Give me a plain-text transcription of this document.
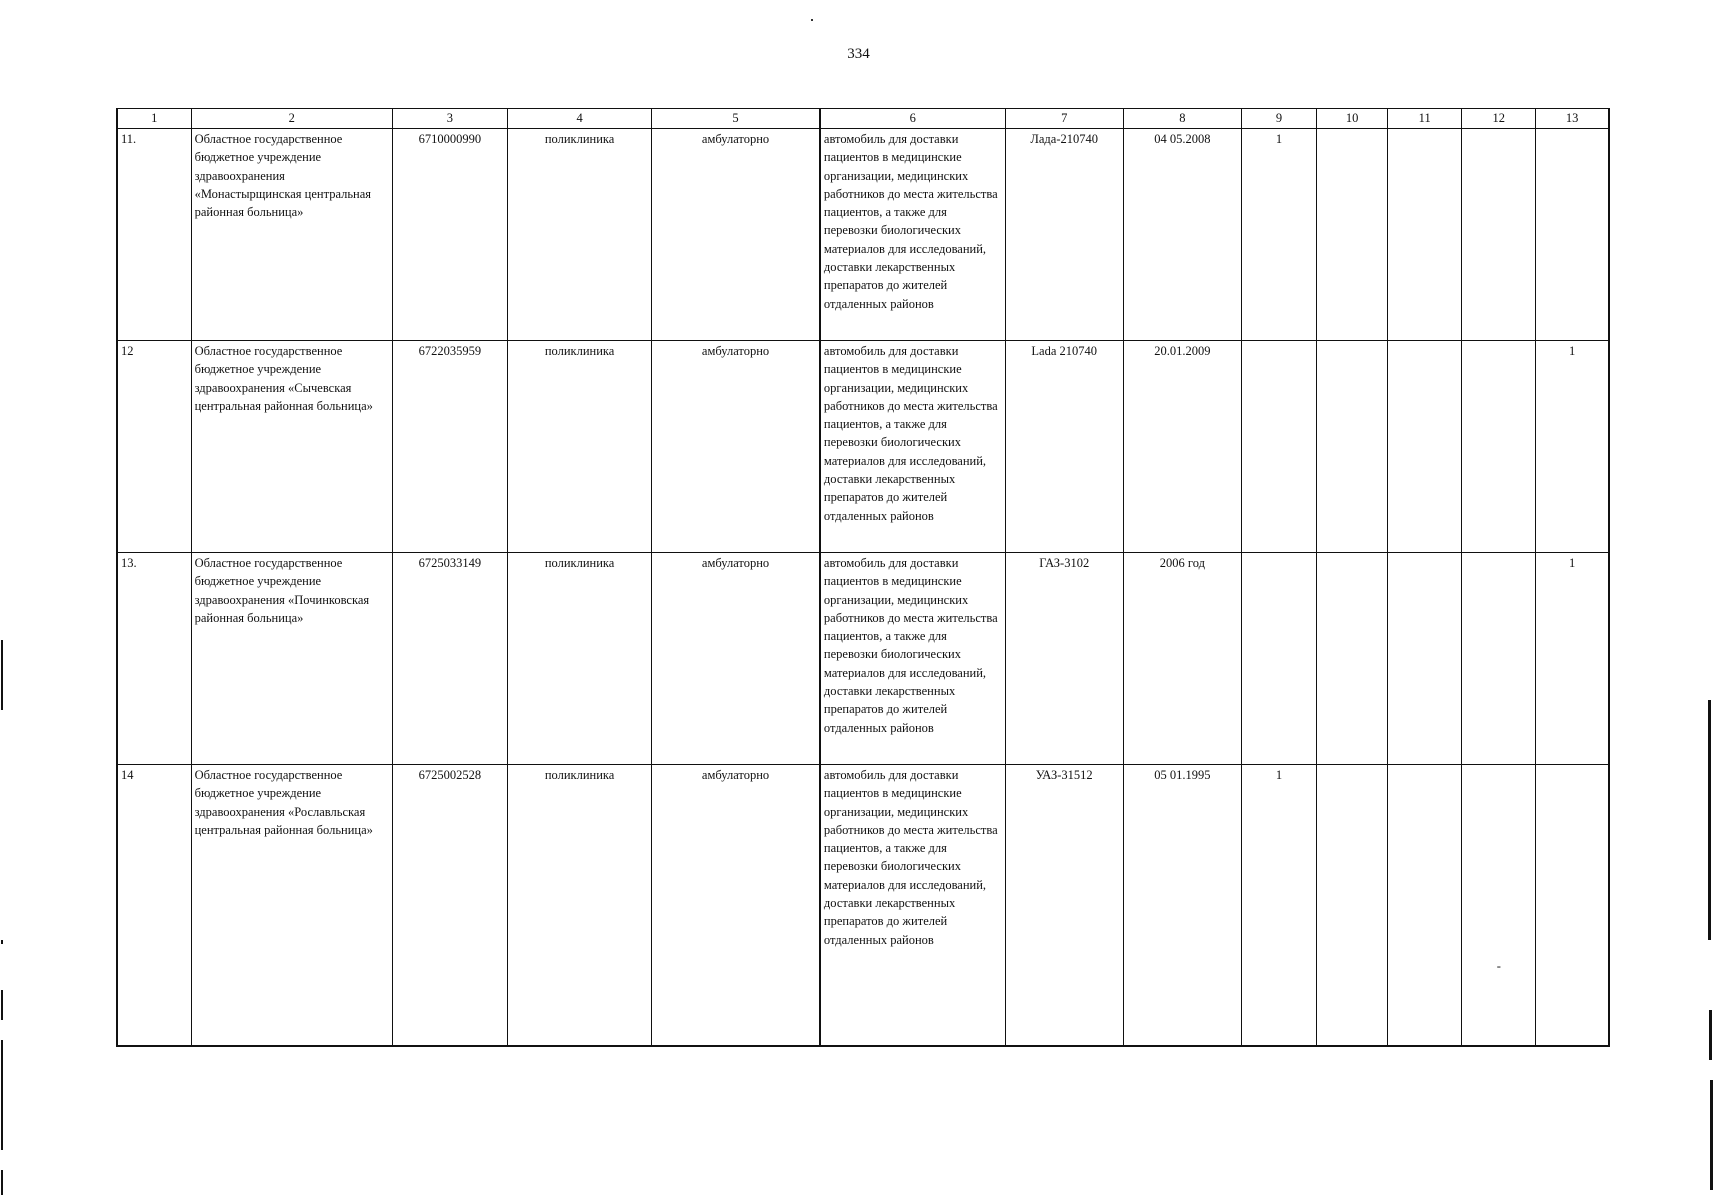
334
1	2	3	4	5	6	7	8	9	10	11	12	13
11.	Областное государственное бюджетное учреждение здравоохранения «Монастырщинская центральная районная больница»	6710000990	поликлиника	амбулаторно	автомобиль для доставки пациентов в медицинские организации, медицинских работников до места жительства пациентов, а также для перевозки биологических материалов для исследований, доставки лекарственных препаратов до жителей отдаленных районов	Лада-210740	04 05.2008	1				
12	Областное государственное бюджетное учреждение здравоохранения «Сычевская центральная районная больница»	6722035959	поликлиника	амбулаторно	автомобиль для доставки пациентов в медицинские организации, медицинских работников до места жительства пациентов, а также для перевозки биологических материалов для исследований, доставки лекарственных препаратов до жителей отдаленных районов	Lada 210740	20.01.2009					1
13.	Областное государственное бюджетное учреждение здравоохранения «Починковская районная больница»	6725033149	поликлиника	амбулаторно	автомобиль для доставки пациентов в медицинские организации, медицинских работников до места жительства пациентов, а также для перевозки биологических материалов для исследований, доставки лекарственных препаратов до жителей отдаленных районов	ГАЗ-3102	2006 год					1
14	Областное государственное бюджетное учреждение здравоохранения «Рославльская центральная районная больница»	6725002528	поликлиника	амбулаторно	автомобиль для доставки пациентов в медицинские организации, медицинских работников до места жительства пациентов, а также для перевозки биологических материалов для исследований, доставки лекарственных препаратов до жителей отдаленных районов	УАЗ-31512	05 01.1995	1			-	
